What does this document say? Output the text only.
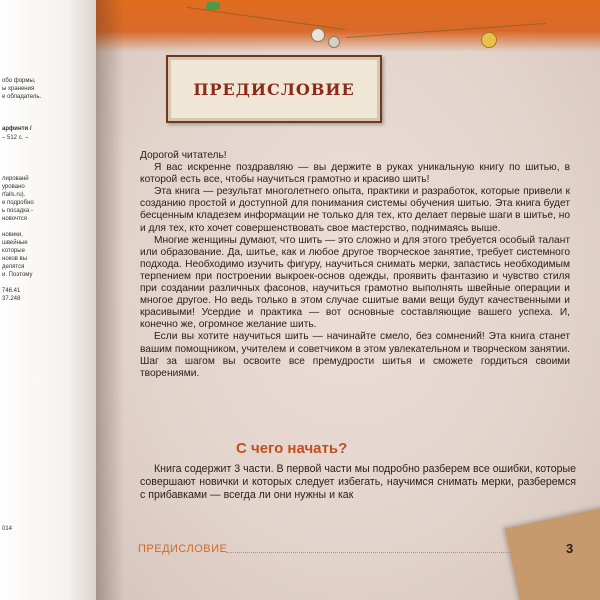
обо формы,
ы хранения
е обладатель.
арфинти /
– 512 с. –
лированй
уровано
rfalls.ru).
е подробно
ь посадка -
новочтся
новики,
швейные
которые
ноков вы
делятся
и. Поэтому
746.41
37.248
014
ПРЕДИСЛОВИЕ

Дорогой читатель!

Я вас искренне поздравляю — вы держите в руках уникальную книгу по шитью, в которой есть все, чтобы научиться грамотно и красиво шить!

Эта книга — результат многолетнего опыта, практики и разработок, которые привели к созданию простой и доступной для понимания системы обучения шитью. Эта книга будет бесценным кладезем информации не только для тех, кто делает первые шаги в шитье, но и для тех, кто хочет совершенствовать свое мастерство, поднимаясь выше.

Многие женщины думают, что шить — это сложно и для этого требуется особый талант или образование. Да, шитье, как и любое другое творческое занятие, требует системного подхода. Необходимо изучить фигуру, научиться снимать мерки, запастись необходимым терпением при построении выкроек-основ одежды, проявить фантазию и чувство стиля при создании различных фасонов, научиться грамотно выполнять швейные операции и многое другое. Но ведь только в этом случае сшитые вами вещи будут качественными и красивыми! Усердие и практика — вот основные составляющие вашего успеха. И, конечно же, огромное желание шить.

Если вы хотите научиться шить — начинайте смело, без сомнений! Эта книга станет вашим помощником, учителем и советчиком в этом увлекательном и творческом занятии. Шаг за шагом вы освоите все премудрости шитья и сможете гордиться своими творениями.

С чего начать?

Книга содержит 3 части. В первой части мы подробно разберем все ошибки, которые совершают новички и которых следует избегать, научимся снимать мерки, разберемся с прибавками — всегда ли они нужны и как

ПРЕДИСЛОВИЕ	3
